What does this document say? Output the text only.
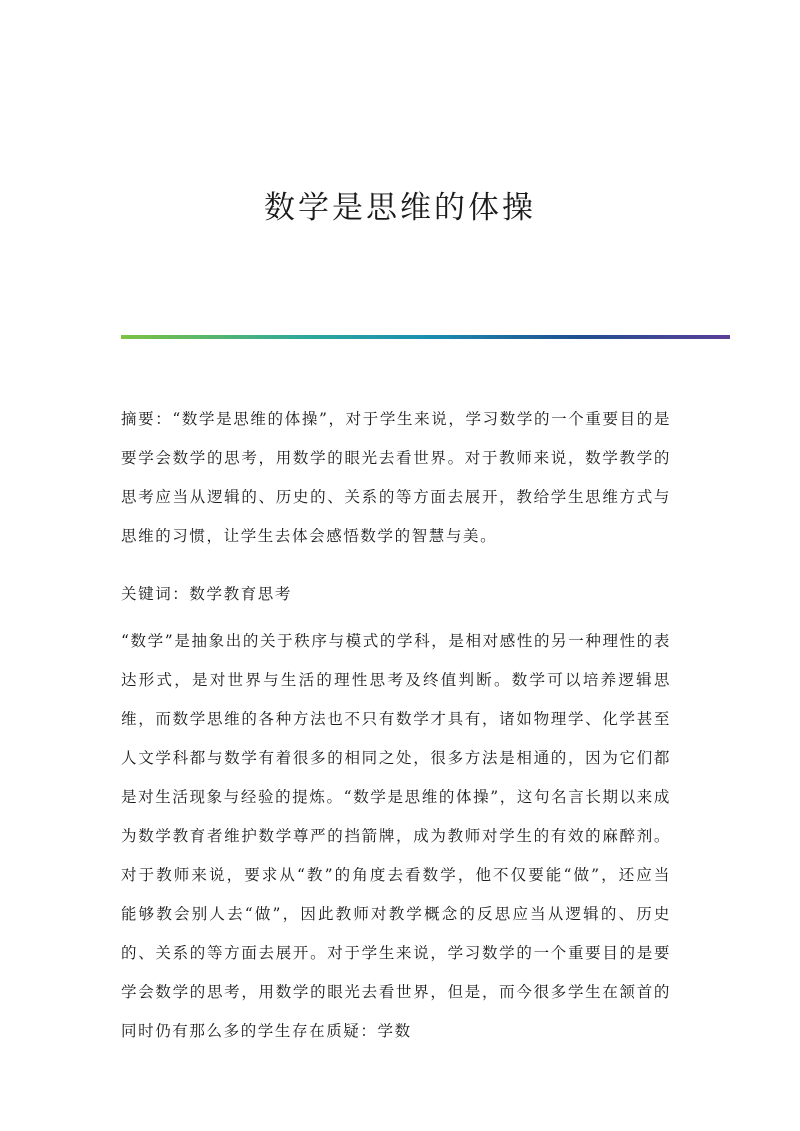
数学是思维的体操

摘要：“数学是思维的体操”，对于学生来说，学习数学的一个重要目的是要学会数学的思考，用数学的眼光去看世界。对于教师来说，数学教学的思考应当从逻辑的、历史的、关系的等方面去展开，教给学生思维方式与思维的习惯，让学生去体会感悟数学的智慧与美。

关键词：数学教育思考

“数学”是抽象出的关于秩序与模式的学科，是相对感性的另一种理性的表达形式，是对世界与生活的理性思考及终值判断。数学可以培养逻辑思维，而数学思维的各种方法也不只有数学才具有，诸如物理学、化学甚至人文学科都与数学有着很多的相同之处，很多方法是相通的，因为它们都是对生活现象与经验的提炼。“数学是思维的体操”，这句名言长期以来成为数学教育者维护数学尊严的挡箭牌，成为教师对学生的有效的麻醉剂。对于教师来说，要求从“教”的角度去看数学，他不仅要能“做”，还应当能够教会别人去“做”，因此教师对教学概念的反思应当从逻辑的、历史的、关系的等方面去展开。对于学生来说，学习数学的一个重要目的是要学会数学的思考，用数学的眼光去看世界，但是，而今很多学生在颔首的同时仍有那么多的学生存在质疑：学数
